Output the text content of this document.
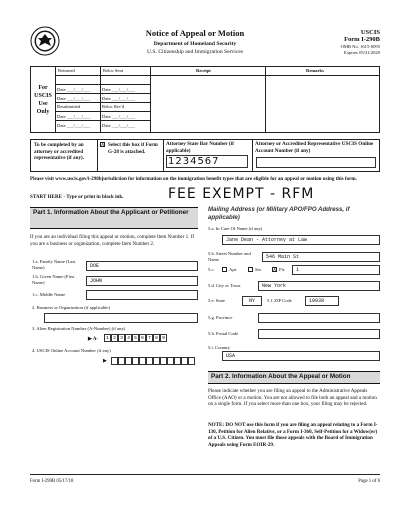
Notice of Appeal or Motion
Department of Homeland Security
U.S. Citizenship and Immigration Services
USCIS
Form I-290B
OMB No. 1615-0095
Expires 05/31/2020
For
USCIS
Use
Only
Returned	Reloc Sent	Receipt	Remarks
Date ___/___/___	Date ___/___/___
Date ___/___/___	Date ___/___/___
Resubmitted	Reloc Rec'd
Date ___/___/___	Date ___/___/___
Date ___/___/___	Date ___/___/___
To be completed by an attorney or accredited representative (if any).
X Select this box if Form G-28 is attached.
Attorney State Bar Number (if applicable)
1234567
Attorney or Accredited Representative USCIS Online Account Number (if any)
Please visit www.uscis.gov/i-290bjurisdiction for information on the immigration benefit types that are eligible for an appeal or motion using this form.
START HERE - Type or print in black ink.	FEE EXEMPT - RFM
Part 1. Information About the Applicant or Petitioner
If you are an individual filing this appeal or motion, complete Item Number 1. If you are a business or organization, complete Item Number 2.
1.a. Family Name (Last Name)	DOE
1.b. Given Name (First Name)	JOHN
1.c. Middle Name
2. Business or Organization (if applicable)
3. Alien Registration Number (A-Number) (if any)
▶ A-	1 2 3 4 5 6 7 8 9
4. USCIS Online Account Number (if any)
▶
Mailing Address (or Military APO/FPO Address, if applicable)
5.a. In Care Of Name (if any)
Jane Dean - Attorney at Law
5.b. Street Number and Name	546 Main St
5.c.	Apt.	Ste. X Flr.	1
5.d. City or Town	New York
5.e. State	NY	5.f. ZIP Code	10038
5.g. Province
5.h. Postal Code
5.i. Country
USA
Part 2. Information About the Appeal or Motion
Please indicate whether you are filing an appeal to the Administrative Appeals Office (AAO) or a motion. You are not allowed to file both an appeal and a motion on a single form. If you select more than one box, your filing may be rejected.
NOTE: DO NOT use this form if you are filing an appeal relating to a Form I-130, Petition for Alien Relative, or a Form I-360, Self-Petition for a Widow(er) of a U.S. Citizen. You must file those appeals with the Board of Immigration Appeals using Form EOIR-29.
Form I-290B 05/17/18	Page 1 of 6
